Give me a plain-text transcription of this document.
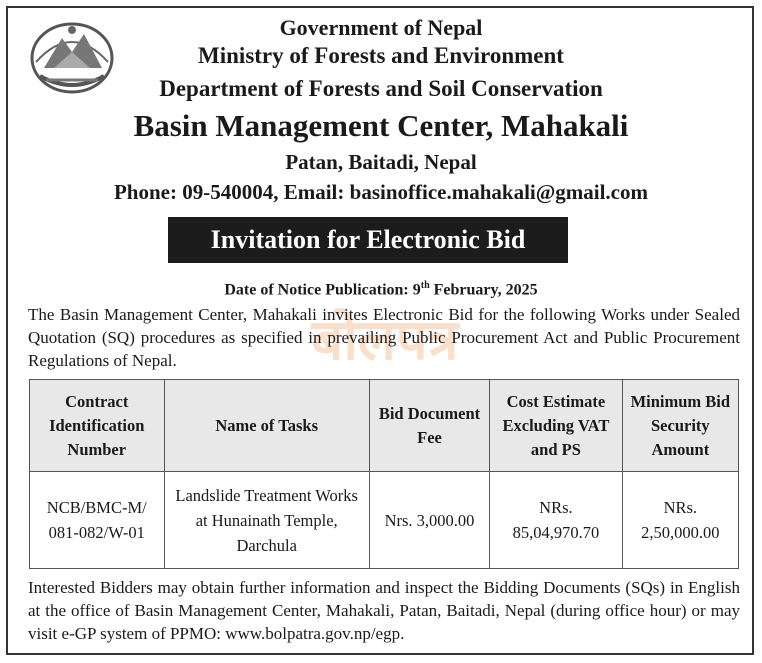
Government of Nepal
Ministry of Forests and Environment
Department of Forests and Soil Conservation
Basin Management Center, Mahakali
Patan, Baitadi, Nepal
Phone: 09-540004, Email: basinoffice.mahakali@gmail.com
Invitation for Electronic Bid
Date of Notice Publication: 9th February, 2025
बोलपत्र

The Basin Management Center, Mahakali invites Electronic Bid for the following Works under Sealed Quotation (SQ) procedures as specified in prevailing Public Procurement Act and Public Procurement Regulations of Nepal.

Contract Identification Number	Name of Tasks	Bid Document Fee	Cost Estimate Excluding VAT and PS	Minimum Bid Security Amount
NCB/BMC-M/ 081-082/W-01	Landslide Treatment Works at Hunainath Temple, Darchula	Nrs. 3,000.00	NRs. 85,04,970.70	NRs. 2,50,000.00

Interested Bidders may obtain further information and inspect the Bidding Documents (SQs) in English at the office of Basin Management Center, Mahakali, Patan, Baitadi, Nepal (during office hour) or may visit e-GP system of PPMO: www.bolpatra.gov.np/egp.
